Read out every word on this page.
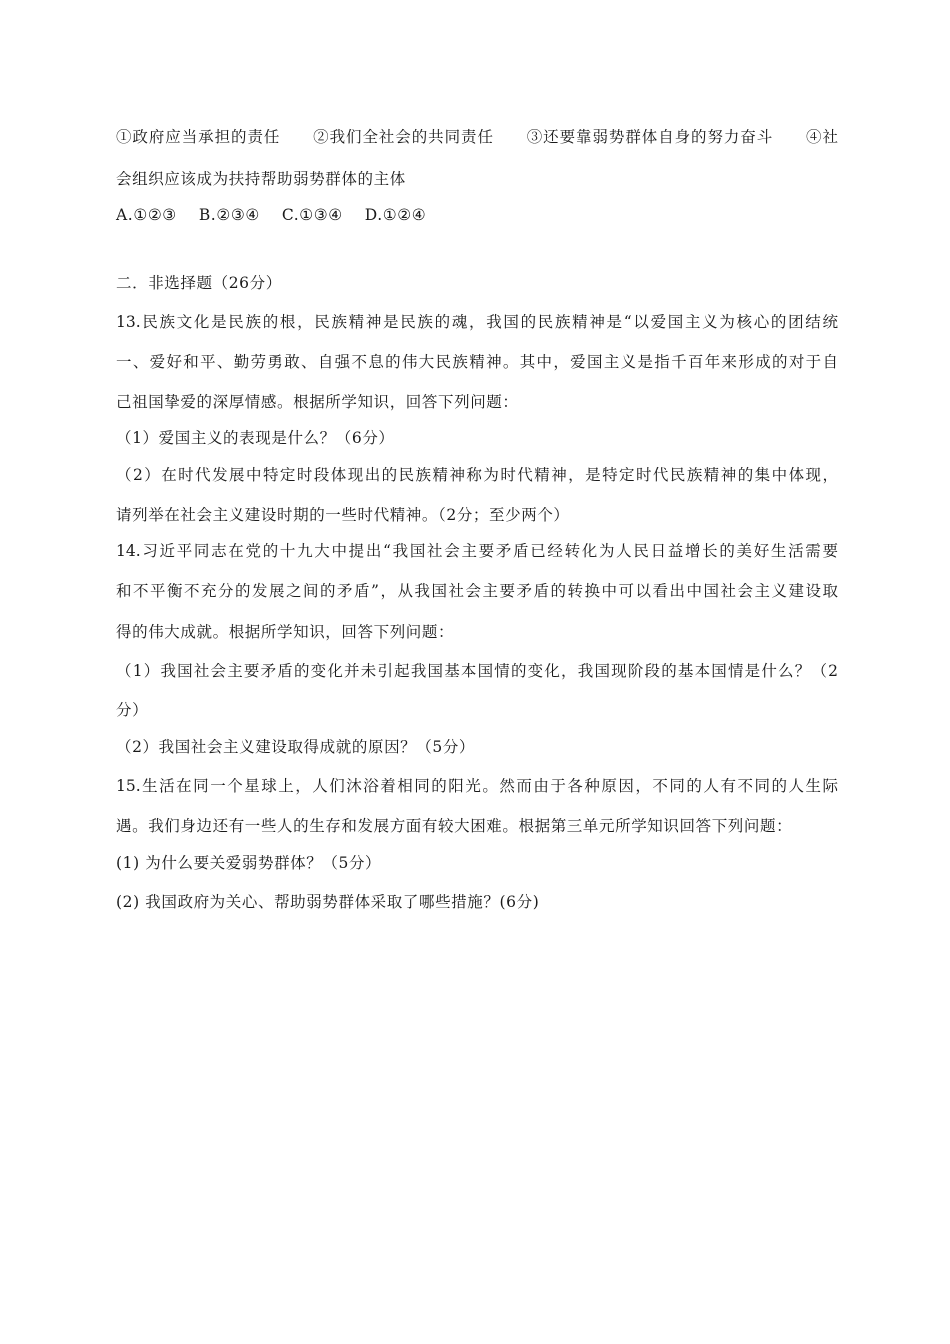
①政府应当承担的责任　　②我们全社会的共同责任　　③还要靠弱势群体自身的努力奋斗　　④社
会组织应该成为扶持帮助弱势群体的主体
A.①②③ B.②③④ C.①③④ D.①②④
二．非选择题（26分）
13.民族文化是民族的根，民族精神是民族的魂，我国的民族精神是“以爱国主义为核心的团结统
一、爱好和平、勤劳勇敢、自强不息的伟大民族精神。其中，爱国主义是指千百年来形成的对于自
己祖国挚爱的深厚情感。根据所学知识，回答下列问题：
（1）爱国主义的表现是什么？（6分）
（2）在时代发展中特定时段体现出的民族精神称为时代精神，是特定时代民族精神的集中体现，
请列举在社会主义建设时期的一些时代精神。（2分；至少两个）
14.习近平同志在党的十九大中提出“我国社会主要矛盾已经转化为人民日益增长的美好生活需要
和不平衡不充分的发展之间的矛盾”，从我国社会主要矛盾的转换中可以看出中国社会主义建设取
得的伟大成就。根据所学知识，回答下列问题：
（1）我国社会主要矛盾的变化并未引起我国基本国情的变化，我国现阶段的基本国情是什么？（2
分）
（2）我国社会主义建设取得成就的原因？（5分）
15.生活在同一个星球上，人们沐浴着相同的阳光。然而由于各种原因，不同的人有不同的人生际
遇。我们身边还有一些人的生存和发展方面有较大困难。根据第三单元所学知识回答下列问题：
(1) 为什么要关爱弱势群体？（5分）
(2) 我国政府为关心、帮助弱势群体采取了哪些措施？(6分)
